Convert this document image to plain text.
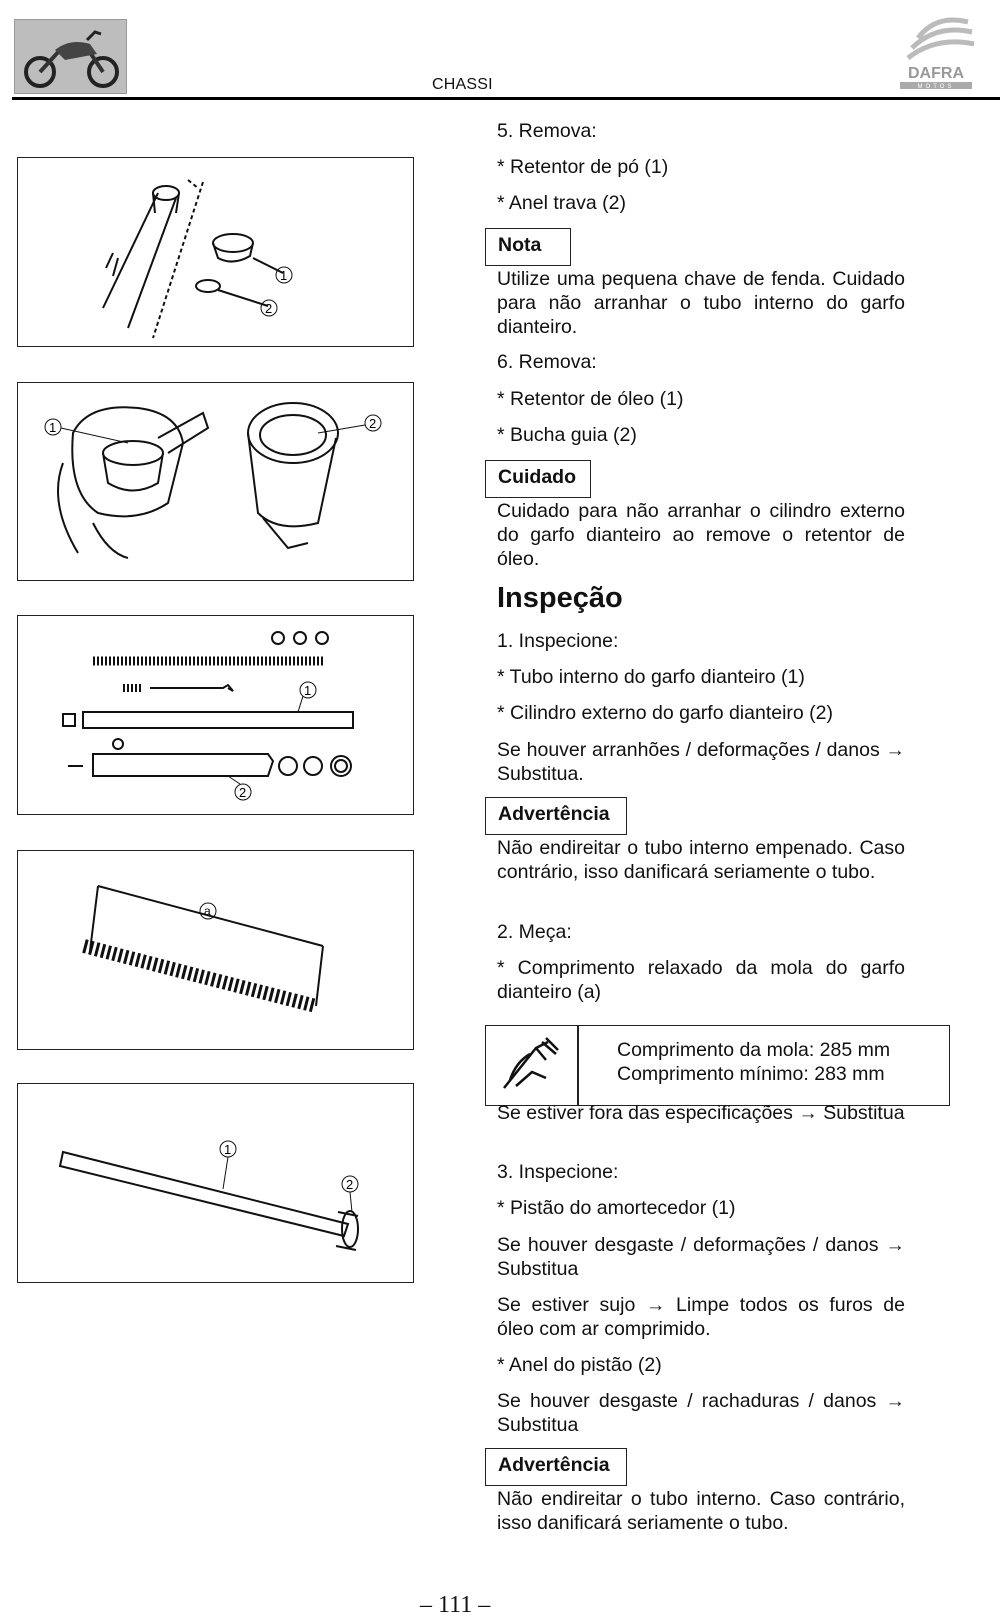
CHASSI
DAFRA
MOTOS
1
2
1	2
1
2
a
1
2
5. Remova:
* Retentor de pó (1)
* Anel trava (2)
Nota
Utilize uma pequena chave de fenda. Cuidado para não arranhar o tubo interno do garfo dianteiro.
6. Remova:
* Retentor de óleo (1)
* Bucha guia (2)
Cuidado
Cuidado para não arranhar o cilindro externo do garfo dianteiro ao remove o retentor de óleo.
Inspeção
1. Inspecione:
* Tubo interno do garfo dianteiro (1)
* Cilindro externo do garfo dianteiro (2)
Se houver arranhões / deformações / danos → Substitua.
Advertência
Não endireitar o tubo interno empenado. Caso contrário, isso danificará seriamente o tubo.
2. Meça:
* Comprimento relaxado da mola do garfo dianteiro (a)
Comprimento da mola: 285 mm
Comprimento mínimo: 283 mm
Se estiver fora das especificações → Substitua
3. Inspecione:
* Pistão do amortecedor (1)
Se houver desgaste / deformações / danos → Substitua
Se estiver sujo → Limpe todos os furos de óleo com ar comprimido.
* Anel do pistão (2)
Se houver desgaste / rachaduras / danos → Substitua
Advertência
Não endireitar o tubo interno. Caso contrário, isso danificará seriamente o tubo.
– 111 –
